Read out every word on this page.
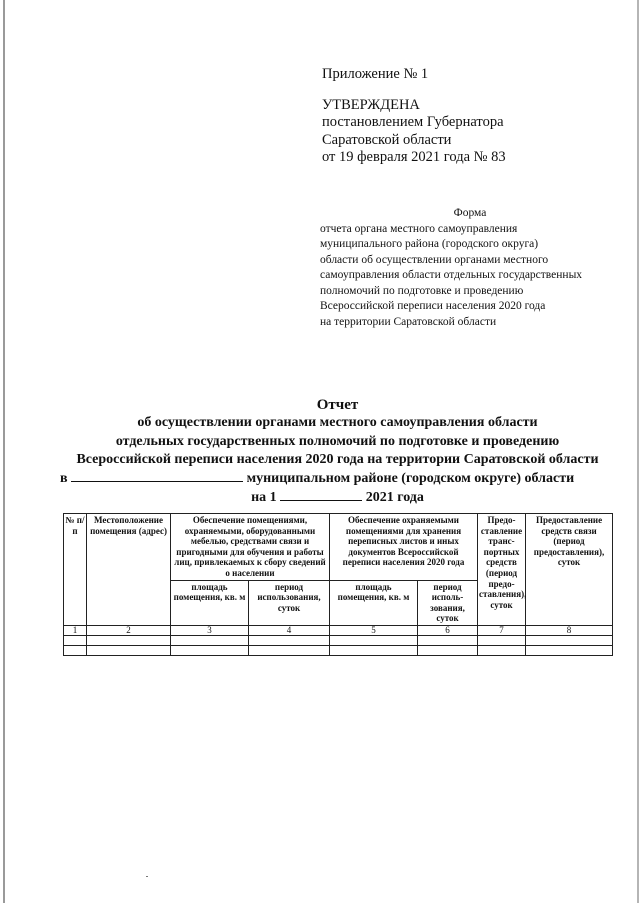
Приложение № 1
УТВЕРЖДЕНА
постановлением Губернатора
Саратовской области
от 19 февраля 2021 года № 83
Форма
отчета органа местного самоуправления
муниципального района (городского округа)
области об осуществлении органами местного
самоуправления области отдельных государственных
полномочий по подготовке и проведению
Всероссийской переписи населения 2020 года
на территории Саратовской области
Отчет
об осуществлении органами местного самоуправления области
отдельных государственных полномочий по подготовке и проведению
Всероссийской переписи населения 2020 года на территории Саратовской области
в	муниципальном районе (городском округе) области
на 1	2021 года
№ п/п	Местоположение помещения (адрес)	Обеспечение помещениями, охраняемыми, оборудованными мебелью, средствами связи и пригодными для обучения и работы лиц, привлекаемых к сбору сведений о населении		Обеспечение охраняемыми помещениями для хранения переписных листов и иных документов Всероссийской переписи населения 2020 года		Предо-ставление транс-портных средств (период предо-ставления), суток	Предоставление средств связи (период предоставления), суток
		площадь помещения, кв. м	период использования, суток	площадь помещения, кв. м	период исполь-зования, суток		
1	2	3	4	5	6	7	8
